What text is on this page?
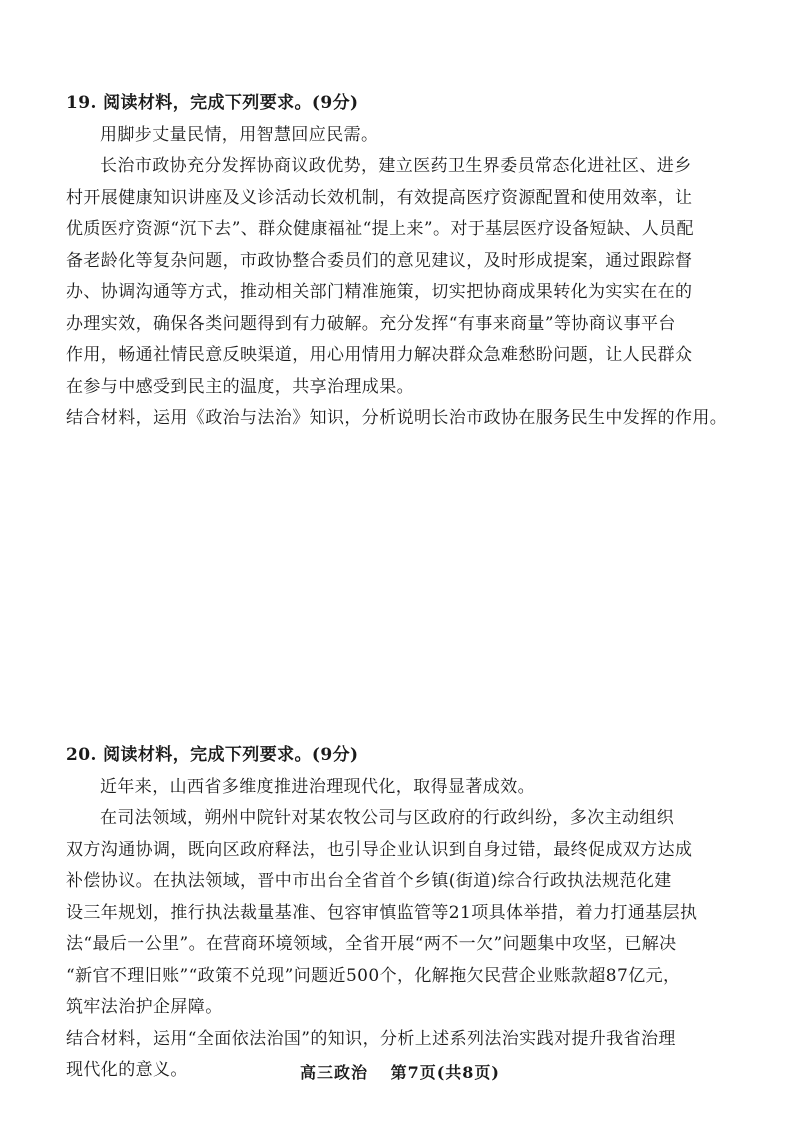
19. 阅读材料，完成下列要求。(9分)
用脚步丈量民情，用智慧回应民需。
长治市政协充分发挥协商议政优势，建立医药卫生界委员常态化进社区、进乡
村开展健康知识讲座及义诊活动长效机制，有效提高医疗资源配置和使用效率，让
优质医疗资源“沉下去”、群众健康福祉“提上来”。对于基层医疗设备短缺、人员配
备老龄化等复杂问题，市政协整合委员们的意见建议，及时形成提案，通过跟踪督
办、协调沟通等方式，推动相关部门精准施策，切实把协商成果转化为实实在在的
办理实效，确保各类问题得到有力破解。充分发挥“有事来商量”等协商议事平台
作用，畅通社情民意反映渠道，用心用情用力解决群众急难愁盼问题，让人民群众
在参与中感受到民主的温度，共享治理成果。
结合材料，运用《政治与法治》知识，分析说明长治市政协在服务民生中发挥的作用。
20. 阅读材料，完成下列要求。(9分)
近年来，山西省多维度推进治理现代化，取得显著成效。
在司法领域，朔州中院针对某农牧公司与区政府的行政纠纷，多次主动组织
双方沟通协调，既向区政府释法，也引导企业认识到自身过错，最终促成双方达成
补偿协议。在执法领域，晋中市出台全省首个乡镇(街道)综合行政执法规范化建
设三年规划，推行执法裁量基准、包容审慎监管等21项具体举措，着力打通基层执
法“最后一公里”。在营商环境领域，全省开展“两不一欠”问题集中攻坚，已解决
“新官不理旧账”“政策不兑现”问题近500个，化解拖欠民营企业账款超87亿元，
筑牢法治护企屏障。
结合材料，运用“全面依法治国”的知识，分析上述系列法治实践对提升我省治理
现代化的意义。	高三政治 第7页(共8页)
